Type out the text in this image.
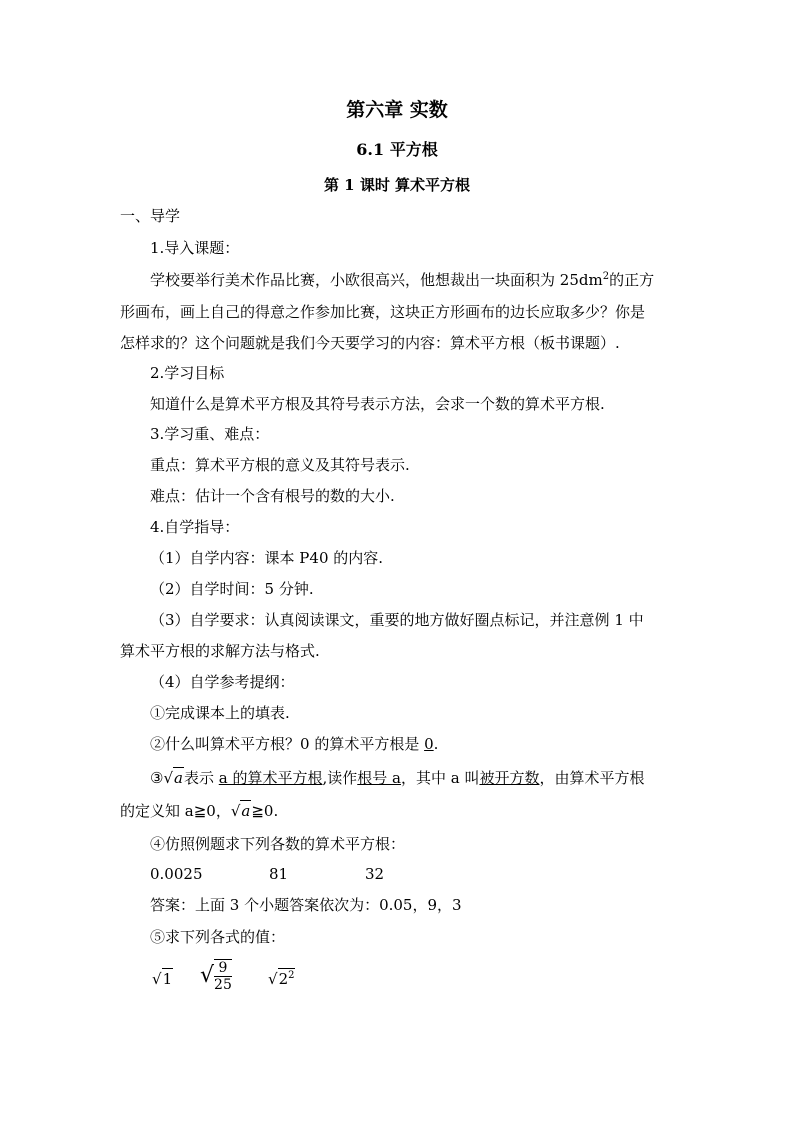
第六章 实数
6.1 平方根
第 1 课时 算术平方根
一、导学
1.导入课题：
学校要举行美术作品比赛，小欧很高兴，他想裁出一块面积为 $25dm^2$的正方
形画布，画上自己的得意之作参加比赛，这块正方形画布的边长应取多少？你是
怎样求的？这个问题就是我们今天要学习的内容：算术平方根（板书课题）.
2.学习目标
知道什么是算术平方根及其符号表示方法，会求一个数的算术平方根.
3.学习重、难点：
重点：算术平方根的意义及其符号表示.
难点：估计一个含有根号的数的大小.
4.自学指导：
（1）自学内容：课本 P40 的内容.
（2）自学时间：5 分钟.
（3）自学要求：认真阅读课文，重要的地方做好圈点标记，并注意例 1 中
算术平方根的求解方法与格式.
（4）自学参考提纲：
①完成课本上的填表.
②什么叫算术平方根？0 的算术平方根是 0.
③√a表示 a 的算术平方根,读作根号 a，其中 a 叫被开方数，由算术平方根
的定义知 a≧0，√a≧0.
④仿照例题求下列各数的算术平方根：
0.0025	81	32
答案：上面 3 个小题答案依次为：0.05，9，3
⑤求下列各式的值：
√1 √ $\frac{9}{25} √2^2$
